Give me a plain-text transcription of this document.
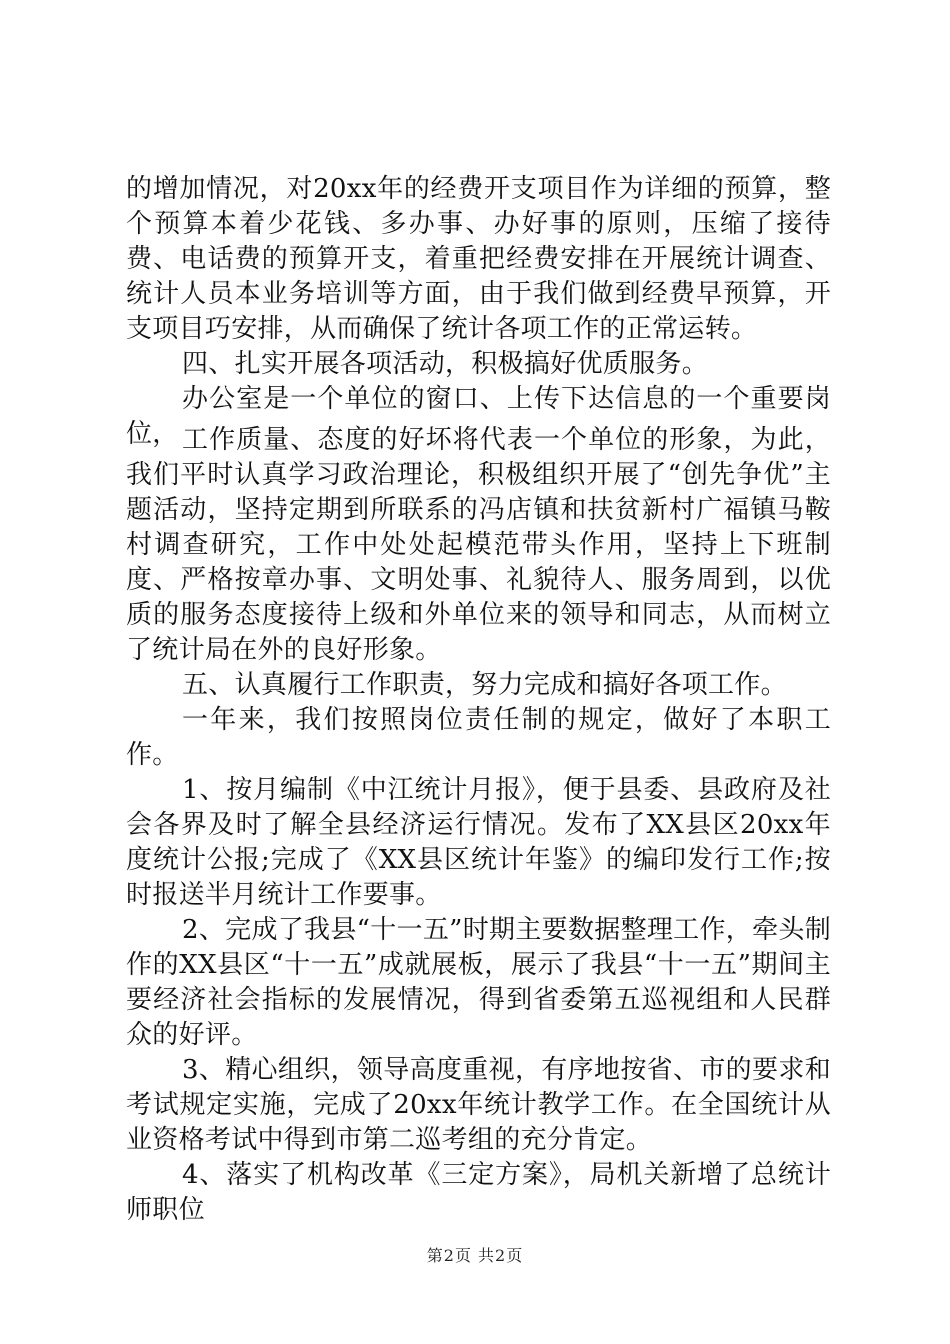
的增加情况，对20xx年的经费开支项目作为详细的预算，整个预算本着少花钱、多办事、办好事的原则，压缩了接待费、电话费的预算开支，着重把经费安排在开展统计调查、统计人员本业务培训等方面，由于我们做到经费早预算，开支项目巧安排，从而确保了统计各项工作的正常运转。

四、扎实开展各项活动，积极搞好优质服务。

办公室是一个单位的窗口、上传下达信息的一个重要岗位， 工作质量、态度的好坏将代表一个单位的形象，为此，我们平时认真学习政治理论，积极组织开展了“创先争优”主题活动，坚持定期到所联系的冯店镇和扶贫新村广福镇马鞍村调查研究，工作中处处起模范带头作用，坚持上下班制度、严格按章办事、文明处事、礼貌待人、服务周到，以优质的服务态度接待上级和外单位来的领导和同志，从而树立了统计局在外的良好形象。

五、认真履行工作职责，努力完成和搞好各项工作。

一年来，我们按照岗位责任制的规定，做好了本职工作。

1、按月编制《中江统计月报》，便于县委、县政府及社会各界及时了解全县经济运行情况。发布了XX县区20xx年度统计公报;完成了《XX县区统计年鉴》的编印发行工作;按时报送半月统计工作要事。

2、完成了我县“十一五”时期主要数据整理工作，牵头制作的XX县区“十一五”成就展板，展示了我县“十一五”期间主要经济社会指标的发展情况，得到省委第五巡视组和人民群众的好评。

3、精心组织，领导高度重视，有序地按省、市的要求和考试规定实施，完成了20xx年统计教学工作。在全国统计从业资格考试中得到市第二巡考组的充分肯定。

4、落实了机构改革《三定方案》，局机关新增了总统计师职位

第2页 共2页
